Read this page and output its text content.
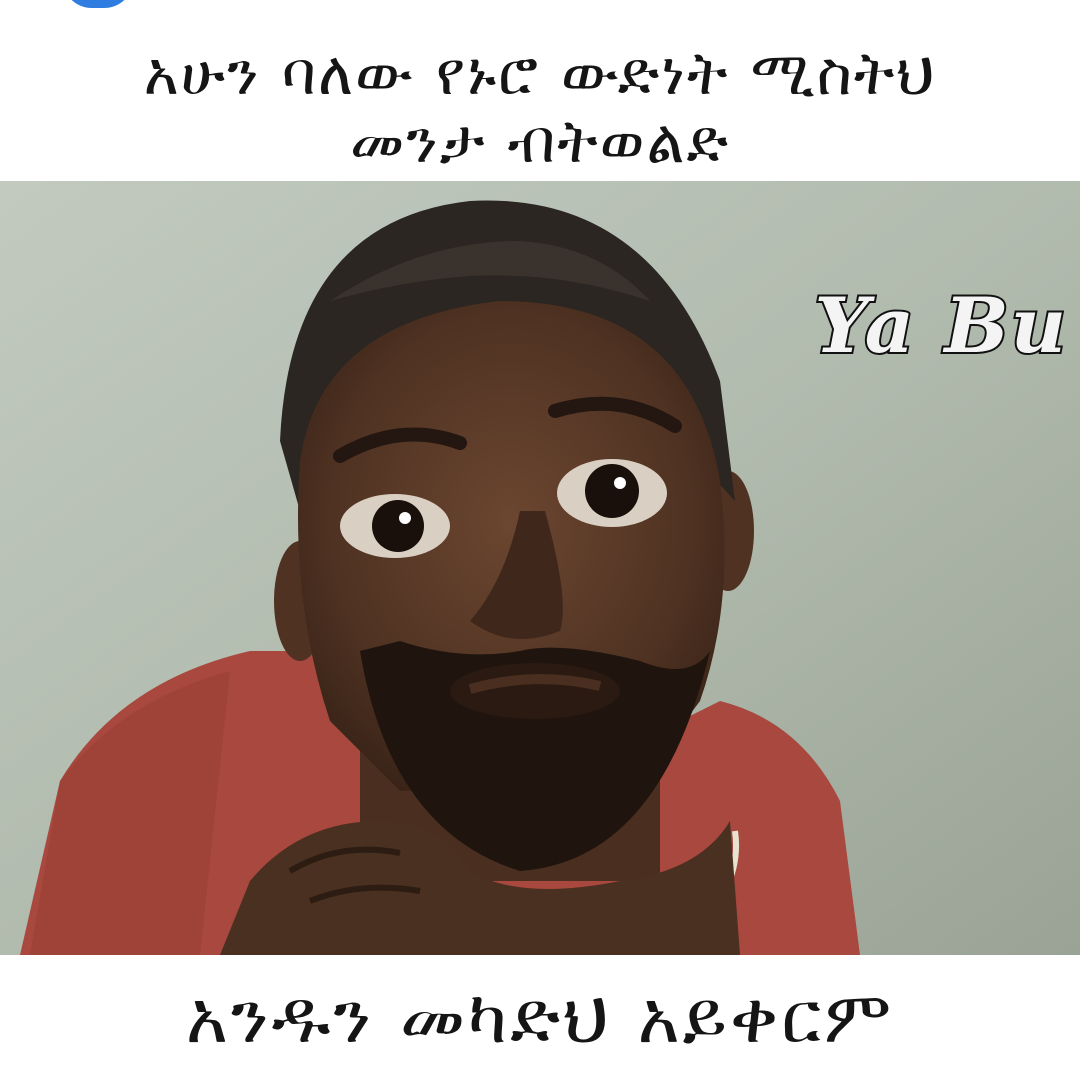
አሁን ባለው የኑሮ ውድነት ሚስትህ
መንታ ብትወልድ
Ya Bu
አንዱን መካድህ አይቀርም
